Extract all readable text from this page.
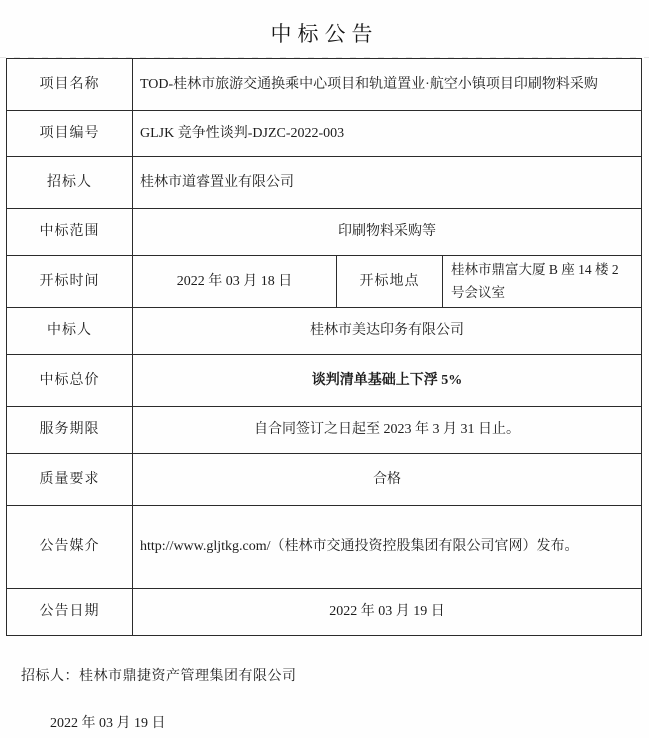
中标公告
项目名称	TOD-桂林市旅游交通换乘中心项目和轨道置业·航空小镇项目印刷物料采购		
项目编号	GLJK 竞争性谈判-DJZC-2022-003		
招标人	桂林市道睿置业有限公司		
中标范围	印刷物料采购等		
开标时间	2022 年 03 月 18 日	开标地点	桂林市鼎富大厦 B 座 14 楼 2 号会议室
中标人	桂林市美达印务有限公司		
中标总价	谈判清单基础上下浮 5%		
服务期限	自合同签订之日起至 2023 年 3 月 31 日止。		
质量要求	合格		
公告媒介	http://www.gljtkg.com/（桂林市交通投资控股集团有限公司官网）发布。		
公告日期	2022 年 03 月 19 日		
招标人：桂林市鼎捷资产管理集团有限公司
2022 年 03 月 19 日
